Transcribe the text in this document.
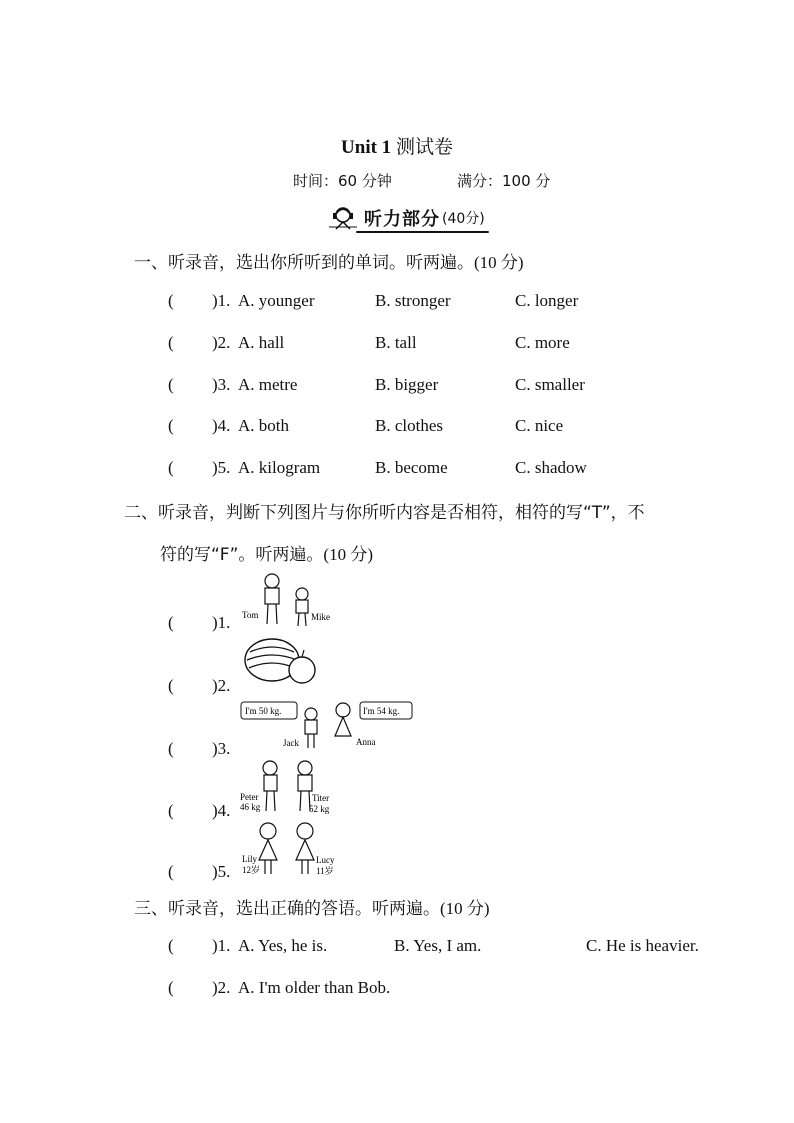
Unit 1 测试卷
时间：60 分钟	满分：100 分
听力部分 (40分)
一、听录音，选出你所听到的单词。听两遍。(10 分)
( )1. A. younger	B. stronger	C. longer
( )2. A. hall	B. tall	C. more
( )3. A. metre	B. bigger	C. smaller
( )4. A. both	B. clothes	C. nice
( )5. A. kilogram	B. become	C. shadow
二、听录音，判断下列图片与你所听内容是否相符，相符的写“T”，不
符的写“F”。听两遍。(10 分)
( )1. Tom	Mike
( )2.
( )3.
I'm 50 kg.	I'm 54 kg.
Jack	Anna
( )4.
Peter
46 kg
Titer
52 kg
( )5.
Lily
12岁
Lucy
11岁
三、听录音，选出正确的答语。听两遍。(10 分)
( )1. A. Yes, he is.	B. Yes, I am.	C. He is heavier.
( )2. A. I'm older than Bob.
